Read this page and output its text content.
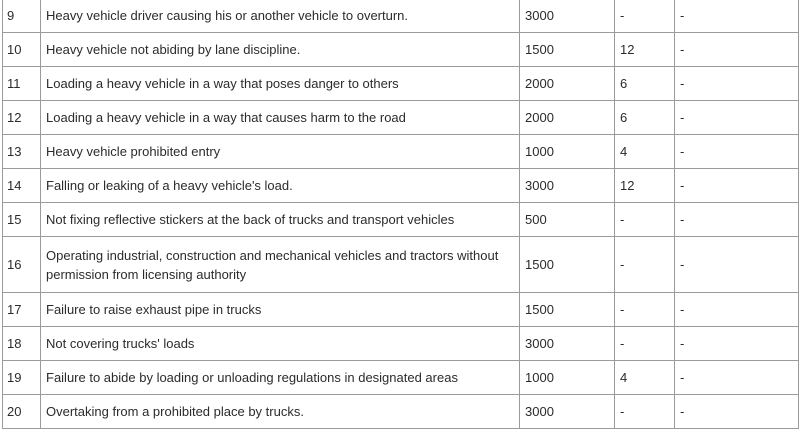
9	Heavy vehicle driver causing his or another vehicle to overturn.	3000	-	-
10	Heavy vehicle not abiding by lane discipline.	1500	12	-
11	Loading a heavy vehicle in a way that poses danger to others	2000	6	-
12	Loading a heavy vehicle in a way that causes harm to the road	2000	6	-
13	Heavy vehicle prohibited entry	1000	4	-
14	Falling or leaking of a heavy vehicle's load.	3000	12	-
15	Not fixing reflective stickers at the back of trucks and transport vehicles	500	-	-
16	Operating industrial, construction and mechanical vehicles and tractors without permission from licensing authority	1500	-	-
17	Failure to raise exhaust pipe in trucks	1500	-	-
18	Not covering trucks' loads	3000	-	-
19	Failure to abide by loading or unloading regulations in designated areas	1000	4	-
20	Overtaking from a prohibited place by trucks.	3000	-	-
